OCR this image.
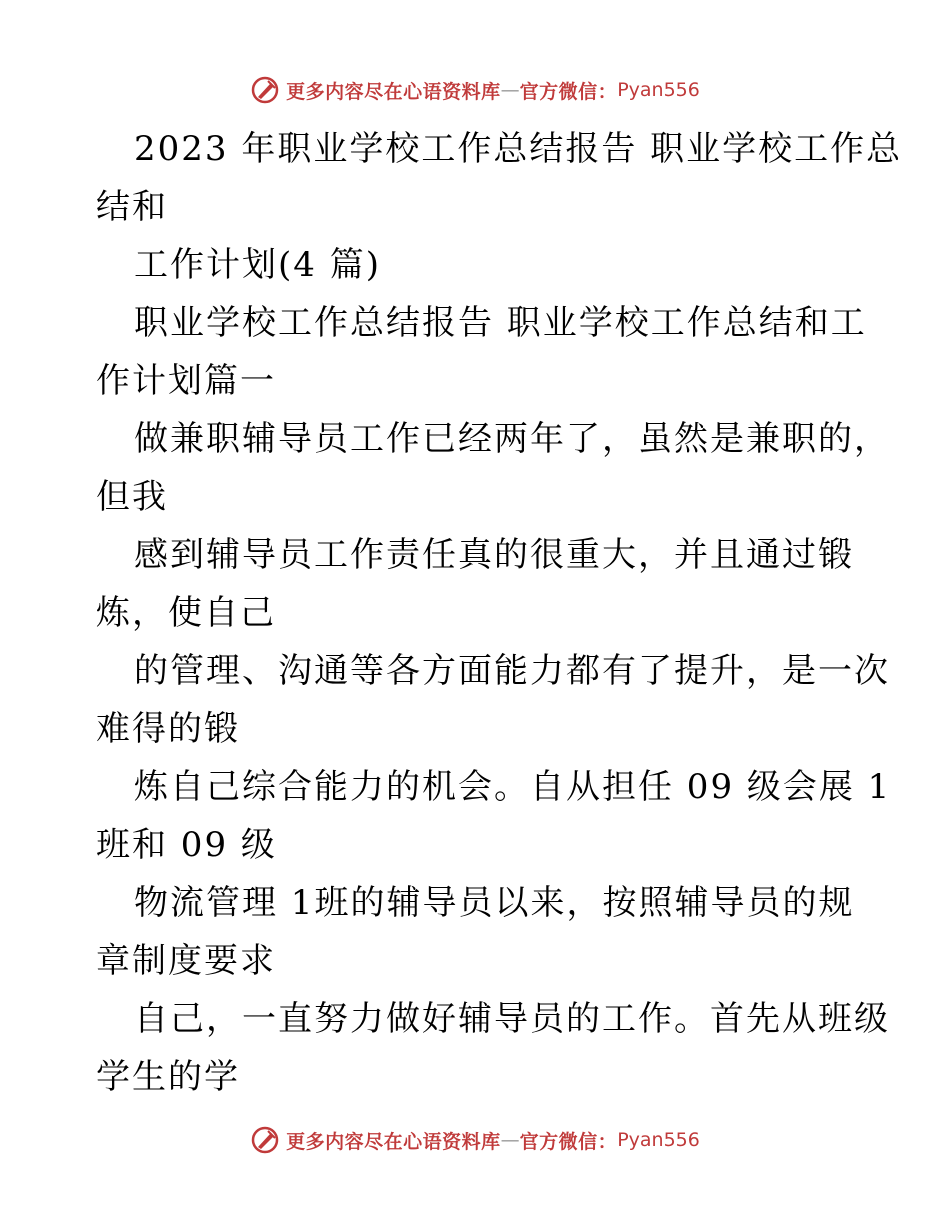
更多内容尽在心语资料库 — 官方微信： Pyan556
2023 年职业学校工作总结报告 职业学校工作总
结和
工作计划(4 篇)
职业学校工作总结报告 职业学校工作总结和工
作计划篇一
做兼职辅导员工作已经两年了，虽然是兼职的，
但我
感到辅导员工作责任真的很重大，并且通过锻
炼，使自己
的管理、沟通等各方面能力都有了提升，是一次
难得的锻
炼自己综合能力的机会。自从担任 09 级会展 1
班和 09 级
物流管理 1班的辅导员以来，按照辅导员的规
章制度要求
自己，一直努力做好辅导员的工作。首先从班级
学生的学
更多内容尽在心语资料库 — 官方微信： Pyan556
